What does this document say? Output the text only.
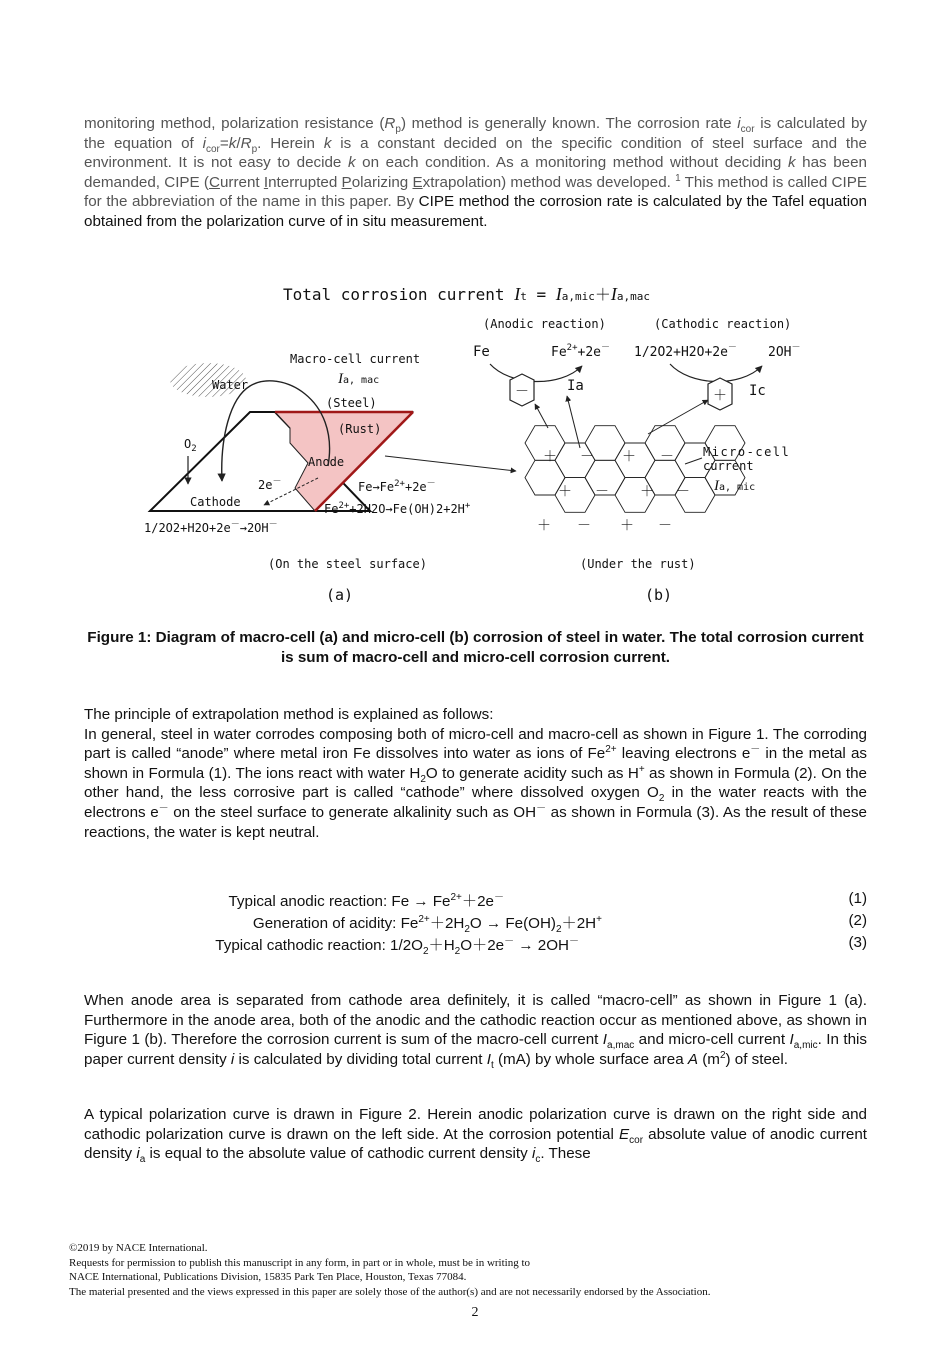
monitoring method, polarization resistance $(R_p)$ method is generally known. The corrosion rate $i_{cor}$ is calculated by the equation of $i_{cor}=k/R_p$. Herein k is a constant decided on the specific condition of steel surface and the environment. It is not easy to decide k on each condition. As a monitoring method without deciding k has been demanded, CIPE (Current Interrupted Polarizing Extrapolation) method was developed. $^1$ This method is called CIPE for the abbreviation of the name in this paper. By CIPE method the corrosion rate is calculated by the Tafel equation obtained from the polarization curve of in situ measurement.

Total corrosion current It = Ia,mic＋Ia,mac
Water
Macro-cell current
Ia, mac
(Steel)
(Rust)
Anode
$O_2$
2e－
Cathode
$Fe\to Fe^{2+}+2e^-$
$Fe^{2+}+2H2O\to Fe(OH)2+2H^+$
1/2O2+H2O+2e－→2OH－
(On the steel surface)
(Anodic reaction)	(Cathodic reaction)
Fe	$Fe^{2+}+2e^-$ 1/2O2+H2O+2e－ 2OH－
－	Ia
＋ Ic
＋ － ＋ －
＋ － ＋ －
＋ － ＋ －
Micro-cell
current
Ia, mic
(Under the rust)
(a)	(b)

Figure 1: Diagram of macro-cell (a) and micro-cell (b) corrosion of steel in water. The total corrosion current is sum of macro-cell and micro-cell corrosion current.

The principle of extrapolation method is explained as follows:
In general, steel in water corrodes composing both of micro-cell and macro-cell as shown in Figure 1. The corroding part is called “anode” where metal iron Fe dissolves into water as ions of $Fe^{2+}$ leaving electrons e－ in the metal as shown in Formula (1). The ions react with water $H_2O$ to generate acidity such as H+ as shown in Formula (2). On the other hand, the less corrosive part is called “cathode” where dissolved oxygen $O_2$ in the water reacts with the electrons e－ on the steel surface to generate alkalinity such as OH－ as shown in Formula (3). As the result of these reactions, the water is kept neutral.

Typical anodic reaction: $Fe \to Fe^{2+}+2e^-$	(1)
Generation of acidity: $Fe^{2+}+2H_2O \to Fe(OH)_2+2H^+$	(2)
Typical cathodic reaction: $1/2O_2+H_2O+2e^- \to 2OH^-$	(3)

When anode area is separated from cathode area definitely, it is called “macro-cell” as shown in Figure 1 (a). Furthermore in the anode area, both of the anodic and the cathodic reaction occur as mentioned above, as shown in Figure 1 (b). Therefore the corrosion current is sum of the macro-cell current $I_{a,mac}$ and micro-cell current $I_{a,mic}$. In this paper current density i is calculated by dividing total current $I_t$ (mA) by whole surface area A $(m^2)$ of steel.

A typical polarization curve is drawn in Figure 2. Herein anodic polarization curve is drawn on the right side and cathodic polarization curve is drawn on the left side. At the corrosion potential $E_{cor}$ absolute value of anodic current density $i_a$ is equal to the absolute value of cathodic current density $i_c$. These

©2019 by NACE International.
Requests for permission to publish this manuscript in any form, in part or in whole, must be in writing to
NACE International, Publications Division, 15835 Park Ten Place, Houston, Texas 77084.
The material presented and the views expressed in this paper are solely those of the author(s) and are not necessarily endorsed by the Association.
2
